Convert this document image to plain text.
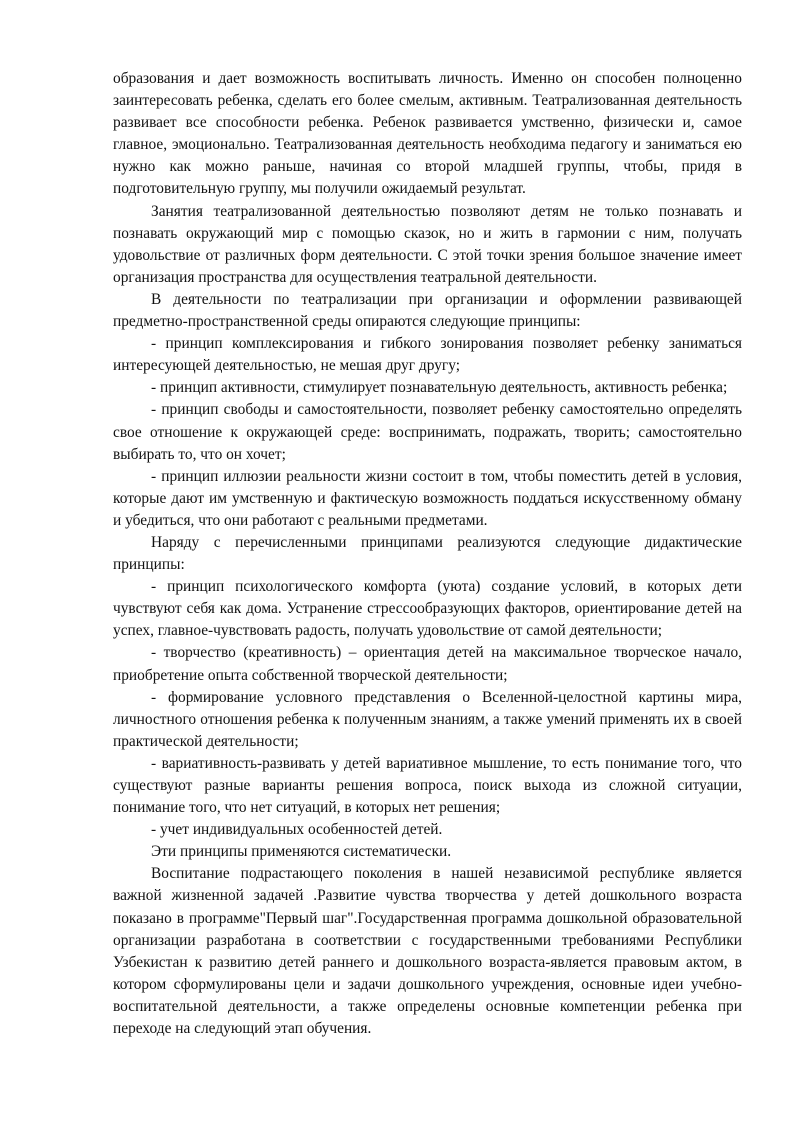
образования и дает возможность воспитывать личность. Именно он способен полноценно заинтересовать ребенка, сделать его более смелым, активным. Театрализованная деятельность развивает все способности ребенка. Ребенок развивается умственно, физически и, самое главное, эмоционально. Театрализованная деятельность необходима педагогу и заниматься ею нужно как можно раньше, начиная со второй младшей группы, чтобы, придя в подготовительную группу, мы получили ожидаемый результат.

Занятия театрализованной деятельностью позволяют детям не только познавать и познавать окружающий мир с помощью сказок, но и жить в гармонии с ним, получать удовольствие от различных форм деятельности. С этой точки зрения большое значение имеет организация пространства для осуществления театральной деятельности.

В деятельности по театрализации при организации и оформлении развивающей предметно-пространственной среды опираются следующие принципы:

- принцип комплексирования и гибкого зонирования позволяет ребенку заниматься интересующей деятельностью, не мешая друг другу;

- принцип активности, стимулирует познавательную деятельность, активность ребенка;

- принцип свободы и самостоятельности, позволяет ребенку самостоятельно определять свое отношение к окружающей среде: воспринимать, подражать, творить; самостоятельно выбирать то, что он хочет;

- принцип иллюзии реальности жизни состоит в том, чтобы поместить детей в условия, которые дают им умственную и фактическую возможность поддаться искусственному обману и убедиться, что они работают с реальными предметами.

Наряду с перечисленными принципами реализуются следующие дидактические принципы:

- принцип психологического комфорта (уюта) создание условий, в которых дети чувствуют себя как дома. Устранение стрессообразующих факторов, ориентирование детей на успех, главное-чувствовать радость, получать удовольствие от самой деятельности;

- творчество (креативность) – ориентация детей на максимальное творческое начало, приобретение опыта собственной творческой деятельности;

- формирование условного представления о Вселенной-целостной картины мира, личностного отношения ребенка к полученным знаниям, а также умений применять их в своей практической деятельности;

- вариативность-развивать у детей вариативное мышление, то есть понимание того, что существуют разные варианты решения вопроса, поиск выхода из сложной ситуации, понимание того, что нет ситуаций, в которых нет решения;

- учет индивидуальных особенностей детей.

Эти принципы применяются систематически.

Воспитание подрастающего поколения в нашей независимой республике является важной жизненной задачей .Развитие чувства творчества у детей дошкольного возраста показано в программе"Первый шаг".Государственная программа дошкольной образовательной организации разработана в соответствии с государственными требованиями Республики Узбекистан к развитию детей раннего и дошкольного возраста-является правовым актом, в котором сформулированы цели и задачи дошкольного учреждения, основные идеи учебно-воспитательной деятельности, а также определены основные компетенции ребенка при переходе на следующий этап обучения.
